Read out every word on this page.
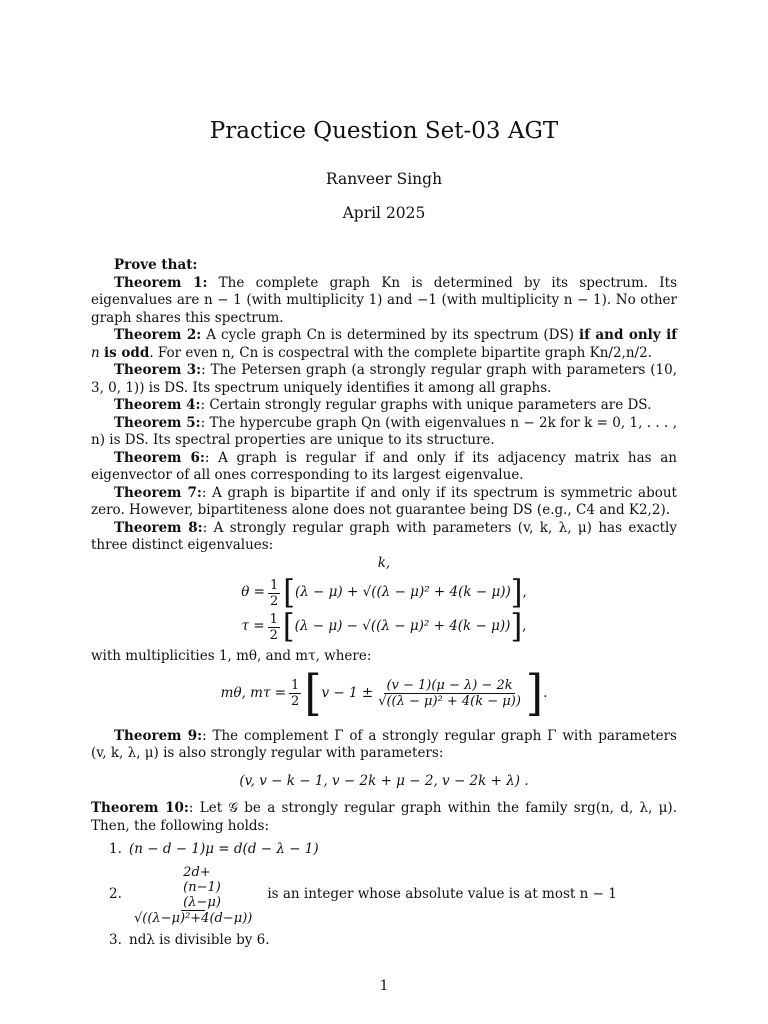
Practice Question Set-03 AGT
Ranveer Singh
April 2025

Prove that:

Theorem 1: The complete graph Kn is determined by its spectrum. Its eigenvalues are n − 1 (with multiplicity 1) and −1 (with multiplicity n − 1). No other graph shares this spectrum.

Theorem 2: A cycle graph Cn is determined by its spectrum (DS) if and only if n is odd. For even n, Cn is cospectral with the complete bipartite graph Kn/2,n/2.

Theorem 3:: The Petersen graph (a strongly regular graph with parameters (10, 3, 0, 1)) is DS. Its spectrum uniquely identifies it among all graphs.

Theorem 4:: Certain strongly regular graphs with unique parameters are DS.

Theorem 5:: The hypercube graph Qn (with eigenvalues n − 2k for k = 0, 1, . . . , n) is DS. Its spectral properties are unique to its structure.

Theorem 6:: A graph is regular if and only if its adjacency matrix has an eigenvector of all ones corresponding to its largest eigenvalue.

Theorem 7:: A graph is bipartite if and only if its spectrum is symmetric about zero. However, bipartiteness alone does not guarantee being DS (e.g., C4 and K2,2).

Theorem 8:: A strongly regular graph with parameters (v, k, λ, μ) has exactly three distinct eigenvalues:

k,

$\theta = \frac{1}{2}$ [ (λ − μ) + √((λ − μ)² + 4(k − μ)) ] ,
$\tau = \frac{1}{2}$ [ (λ − μ) − √((λ − μ)² + 4(k − μ)) ] ,

with multiplicities 1, mθ, and mτ, where:

mθ, $m\tau = \frac{1}{2}$ [ $v - 1 \pm \frac{(v - 1)(\mu - \lambda) - 2k}{\text{√((λ − μ)² + 4(k − μ))}}$ ] .

Theorem 9:: The complement Γ̄ of a strongly regular graph Γ with parameters (v, k, λ, μ) is also strongly regular with parameters:

(v, v − k − 1, v − 2k + μ − 2, v − 2k + λ) .

Theorem 10:: Let 𝒢 be a strongly regular graph within the family srg(n, d, λ, μ). Then, the following holds:

1. (n − d − 1)μ = d(d − λ − 1)
2. $\frac{2d+(n-1)(\lambda-\mu)}{\text{√((λ−μ)²+4(d−μ))}}$ is an integer whose absolute value is at most n − 1
3. ndλ is divisible by 6.
1
